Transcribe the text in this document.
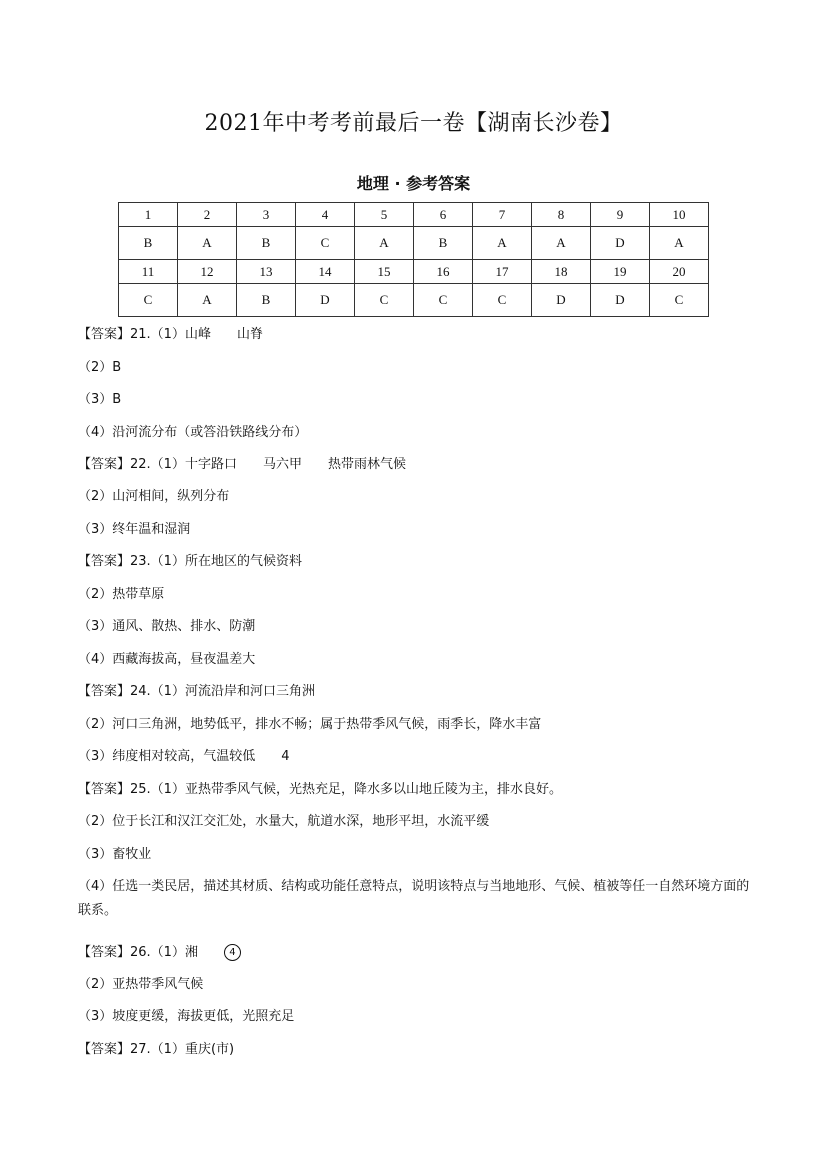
2021年中考考前最后一卷【湖南长沙卷】
地理 · 参考答案
1	2	3	4	5	6	7	8	9	10
B	A	B	C	A	B	A	A	D	A
11	12	13	14	15	16	17	18	19	20
C	A	B	D	C	C	C	D	D	C
【答案】21.（1）山峰 山脊
（2）B
（3）B
（4）沿河流分布（或答沿铁路线分布）
【答案】22.（1）十字路口 马六甲 热带雨林气候
（2）山河相间，纵列分布
（3）终年温和湿润
【答案】23.（1）所在地区的气候资料
（2）热带草原
（3）通风、散热、排水、防潮
（4）西藏海拔高，昼夜温差大
【答案】24.（1）河流沿岸和河口三角洲
（2）河口三角洲，地势低平，排水不畅；属于热带季风气候，雨季长，降水丰富
（3）纬度相对较高，气温较低 4
【答案】25.（1）亚热带季风气候，光热充足，降水多以山地丘陵为主，排水良好。
（2）位于长江和汉江交汇处，水量大，航道水深，地形平坦，水流平缓
（3）畜牧业
（4）任选一类民居，描述其材质、结构或功能任意特点，说明该特点与当地地形、气候、植被等任一自然环境方面的联系。
【答案】26.（1）湘	4
（2）亚热带季风气候
（3）坡度更缓，海拔更低，光照充足
【答案】27.（1）重庆(市)
